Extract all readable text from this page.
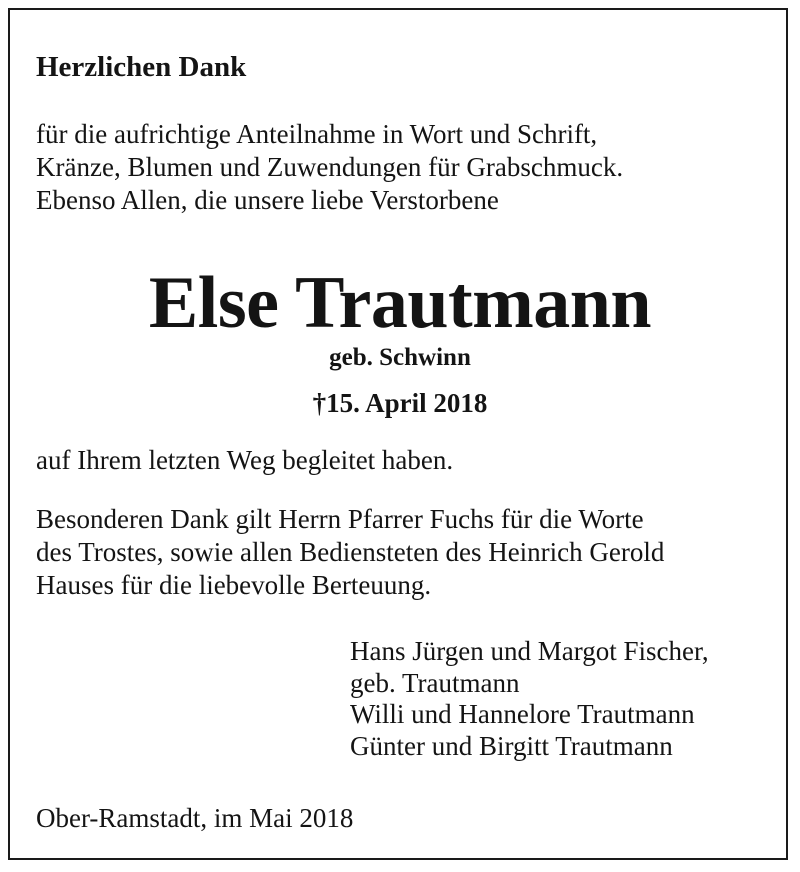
Herzlichen Dank
für die aufrichtige Anteilnahme in Wort und Schrift,
Kränze, Blumen und Zuwendungen für Grabschmuck.
Ebenso Allen, die unsere liebe Verstorbene
Else Trautmann
geb. Schwinn
†15. April 2018
auf Ihrem letzten Weg begleitet haben.
Besonderen Dank gilt Herrn Pfarrer Fuchs für die Worte
des Trostes, sowie allen Bediensteten des Heinrich Gerold
Hauses für die liebevolle Berteuung.
Hans Jürgen und Margot Fischer,
geb. Trautmann
Willi und Hannelore Trautmann
Günter und Birgitt Trautmann
Ober-Ramstadt, im Mai 2018
